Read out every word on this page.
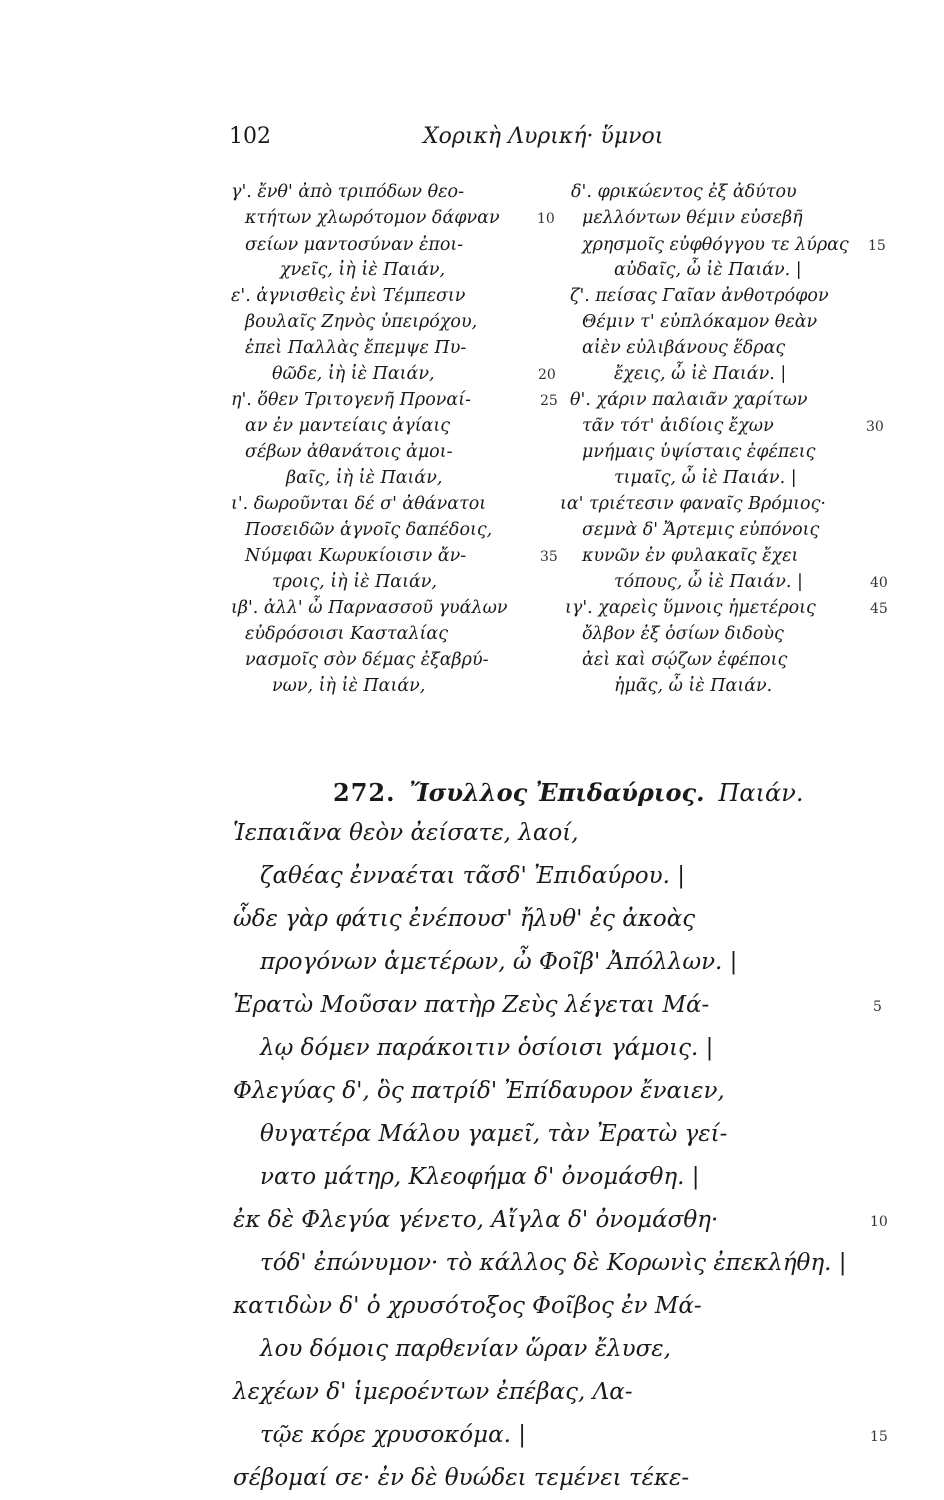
102	Χορικὴ Λυρική· ὕμνοι
γ'. ἔνθ' ἀπὸ τριπόδων θεο-
κτήτων χλωρότομον δάφναν
σείων μαντοσύναν ἐποι-
χνεῖς, ἰὴ ἰὲ Παιάν,
ε'. ἁγνισθεὶς ἐνὶ Τέμπεσιν
βουλαῖς Ζηνὸς ὑπειρόχου,
ἐπεὶ Παλλὰς ἔπεμψε Πυ-
θῶδε, ἰὴ ἰὲ Παιάν,
η'. ὅθεν Τριτογενῆ Προναί-
αν ἐν μαντείαις ἁγίαις
σέβων ἀθανάτοις ἀμοι-
βαῖς, ἰὴ ἰὲ Παιάν,
ι'. δωροῦνται δέ σ' ἀθάνατοι
Ποσειδῶν ἁγνοῖς δαπέδοις,
Νύμφαι Κωρυκίοισιν ἄν-
τροις, ἰὴ ἰὲ Παιάν,
ιβ'. ἀλλ' ὦ Παρνασσοῦ γυάλων
εὐδρόσοισι Κασταλίας
νασμοῖς σὸν δέμας ἐξαβρύ-
νων, ἰὴ ἰὲ Παιάν,
δ'. φρικώεντος ἐξ ἀδύτου
μελλόντων θέμιν εὐσεβῆ
χρησμοῖς εὐφθόγγου τε λύρας
αὐδαῖς, ὦ ἰὲ Παιάν. |
ζ'. πείσας Γαῖαν ἀνθοτρόφον
Θέμιν τ' εὐπλόκαμον θεὰν
αἰὲν εὐλιβάνους ἕδρας
ἔχεις, ὦ ἰὲ Παιάν. |
θ'. χάριν παλαιᾶν χαρίτων
τᾶν τότ' ἀιδίοις ἔχων
μνήμαις ὑψίσταις ἐφέπεις
τιμαῖς, ὦ ἰὲ Παιάν. |
ια' τριέτεσιν φαναῖς Βρόμιος·
σεμνὰ δ' Ἄρτεμις εὐπόνοις
κυνῶν ἐν φυλακαῖς ἔχει
τόπους, ὦ ἰὲ Παιάν. |
ιγ'. χαρεὶς ὕμνοις ἡμετέροις
ὄλβον ἐξ ὁσίων διδοὺς
ἀεὶ καὶ σῴζων ἐφέποις
ἡμᾶς, ὦ ἰὲ Παιάν.
10
15
20
25
30
35
40
45
272. Ἴσυλλος Ἐπιδαύριος. Παιάν.
Ἱεπαιᾶνα θεὸν ἀείσατε, λαοί,
ζαθέας ἐνναέται τᾶσδ' Ἐπιδαύρου. |
ὧδε γὰρ φάτις ἐνέπουσ' ἤλυθ' ἐς ἀκοὰς
προγόνων ἁμετέρων, ὦ Φοῖβ' Ἀπόλλων. |
Ἐρατὼ Μοῦσαν πατὴρ Ζεὺς λέγεται Μά-
λῳ δόμεν παράκοιτιν ὁσίοισι γάμοις. |
Φλεγύας δ', ὃς πατρίδ' Ἐπίδαυρον ἔναιεν,
θυγατέρα Μάλου γαμεῖ, τὰν Ἐρατὼ γεί-
νατο μάτηρ, Κλεοφήμα δ' ὀνομάσθη. |
ἐκ δὲ Φλεγύα γένετο, Αἴγλα δ' ὀνομάσθη·
τόδ' ἐπώνυμον· τὸ κάλλος δὲ Κορωνὶς ἐπεκλήθη. |
κατιδὼν δ' ὁ χρυσότοξος Φοῖβος ἐν Μά-
λου δόμοις παρθενίαν ὥραν ἔλυσε,
λεχέων δ' ἱμεροέντων ἐπέβας, Λα-
τῷε κόρε χρυσοκόμα. |
σέβομαί σε· ἐν δὲ θυώδει τεμένει τέκε-
5
10
15
